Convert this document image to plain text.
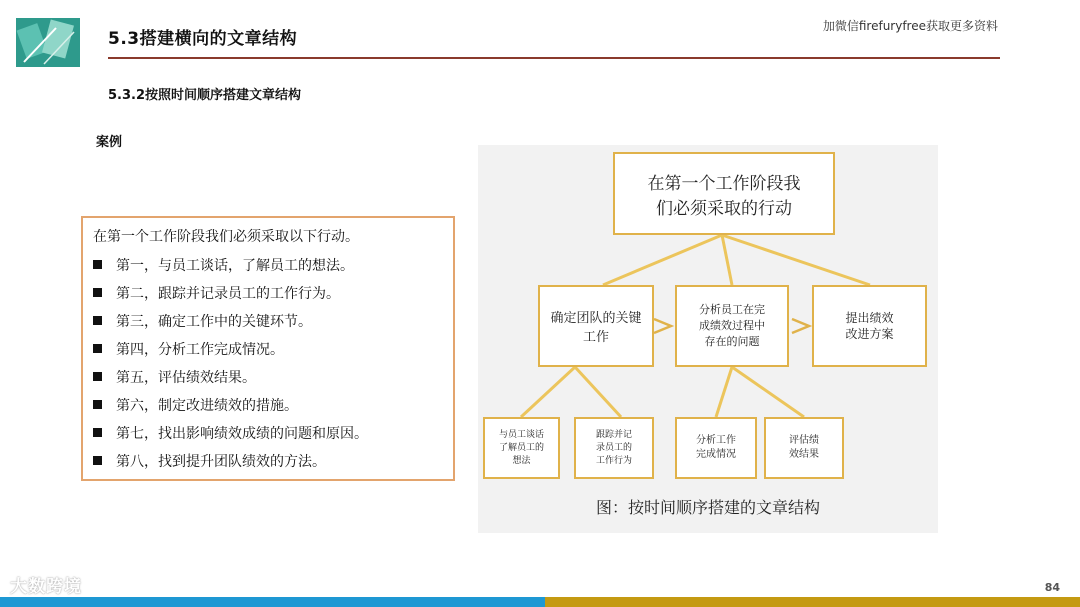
5.3搭建横向的文章结构
加微信firefuryfree获取更多资料
5.3.2按照时间顺序搭建文章结构
案例
在第一个工作阶段我们必须采取以下行动。
第一，与员工谈话，了解员工的想法。
第二，跟踪并记录员工的工作行为。
第三，确定工作中的关键环节。
第四，分析工作完成情况。
第五，评估绩效结果。
第六，制定改进绩效的措施。
第七，找出影响绩效成绩的问题和原因。
第八，找到提升团队绩效的方法。
在第一个工作阶段我
们必须采取的行动
确定团队的关键
工作
分析员工在完
成绩效过程中
存在的问题
提出绩效
改进方案
与员工谈话
了解员工的
想法
跟踪并记
录员工的
工作行为
分析工作
完成情况
评估绩
效结果
图：按时间顺序搭建的文章结构
大数跨境	84
